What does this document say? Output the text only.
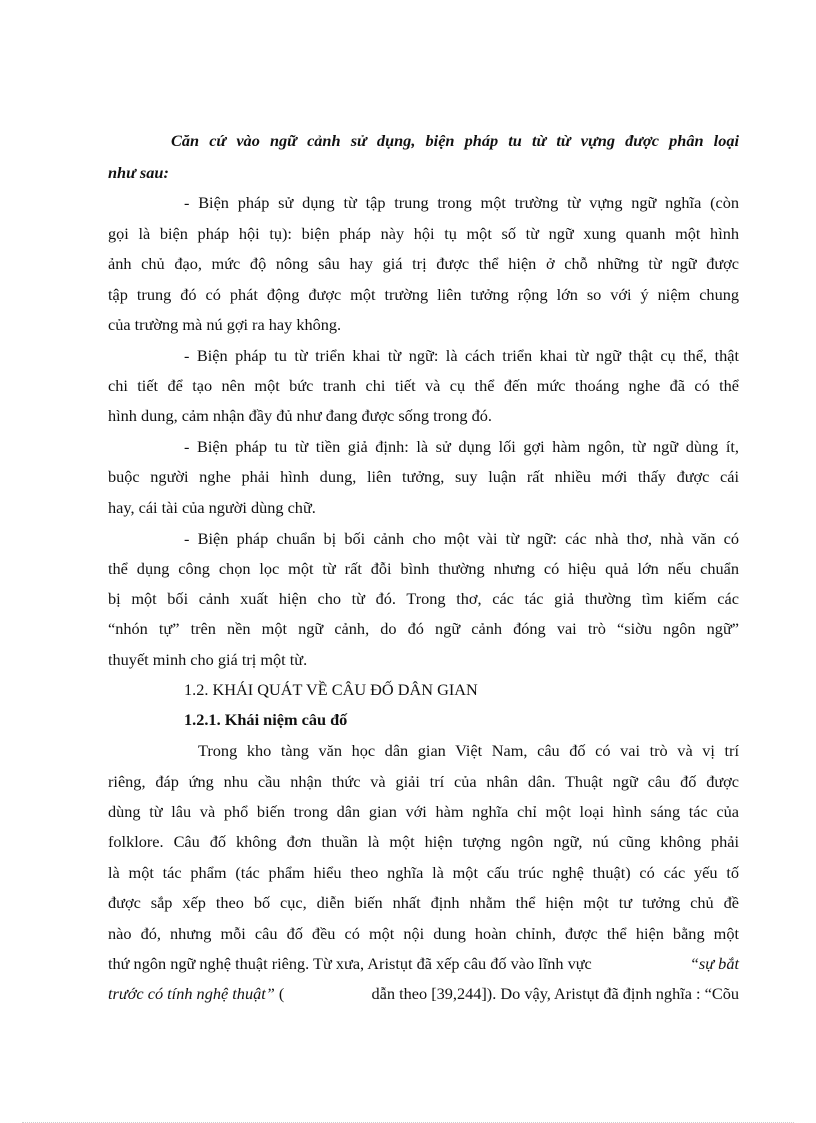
Căn cứ vào ngữ cảnh sử dụng, biện pháp tu từ từ vựng được phân loại
như sau:
- Biện pháp sử dụng từ tập trung trong một trường từ vựng ngữ nghĩa (còn
gọi là biện pháp hội tụ): biện pháp này hội tụ một số từ ngữ xung quanh một hình
ảnh chủ đạo, mức độ nông sâu hay giá trị được thể hiện ở chỗ những từ ngữ được
tập trung đó có phát động được một trường liên tưởng rộng lớn so với ý niệm chung
của trường mà nú gợi ra hay không.
- Biện pháp tu từ triển khai từ ngữ: là cách triển khai từ ngữ thật cụ thể, thật
chi tiết để tạo nên một bức tranh chi tiết và cụ thể đến mức thoáng nghe đã có thể
hình dung, cảm nhận đầy đủ như đang được sống trong đó.
- Biện pháp tu từ tiền giả định: là sử dụng lối gợi hàm ngôn, từ ngữ dùng ít,
buộc người nghe phải hình dung, liên tưởng, suy luận rất nhiều mới thấy được cái
hay, cái tài của người dùng chữ.
- Biện pháp chuẩn bị bối cảnh cho một vài từ ngữ: các nhà thơ, nhà văn có
thể dụng công chọn lọc một từ rất đỗi bình thường nhưng có hiệu quả lớn nếu chuẩn
bị một bối cảnh xuất hiện cho từ đó. Trong thơ, các tác giả thường tìm kiếm các
“nhón tự” trên nền một ngữ cảnh, do đó ngữ cảnh đóng vai trò “siờu ngôn ngữ”
thuyết minh cho giá trị một từ.
1.2. KHÁI QUÁT VỀ CÂU ĐỐ DÂN GIAN
1.2.1. Khái niệm câu đố
Trong kho tàng văn học dân gian Việt Nam, câu đố có vai trò và vị trí
riêng, đáp ứng nhu cầu nhận thức và giải trí của nhân dân. Thuật ngữ câu đố được
dùng từ lâu và phổ biến trong dân gian với hàm nghĩa chỉ một loại hình sáng tác của
folklore. Câu đố không đơn thuần là một hiện tượng ngôn ngữ, nú cũng không phải
là một tác phẩm (tác phẩm hiểu theo nghĩa là một cấu trúc nghệ thuật) có các yếu tố
được sắp xếp theo bố cục, diễn biến nhất định nhằm thể hiện một tư tưởng chủ đề
nào đó, nhưng mỗi câu đố đều có một nội dung hoàn chỉnh, được thể hiện bằng một
thứ ngôn ngữ nghệ thuật riêng. Từ xưa, Aristụt đã xếp câu đố vào lĩnh vực	“sự bắt
trước có tính nghệ thuật” (	dẫn theo [39,244]). Do vậy, Aristụt đã định nghĩa : “Cõu
